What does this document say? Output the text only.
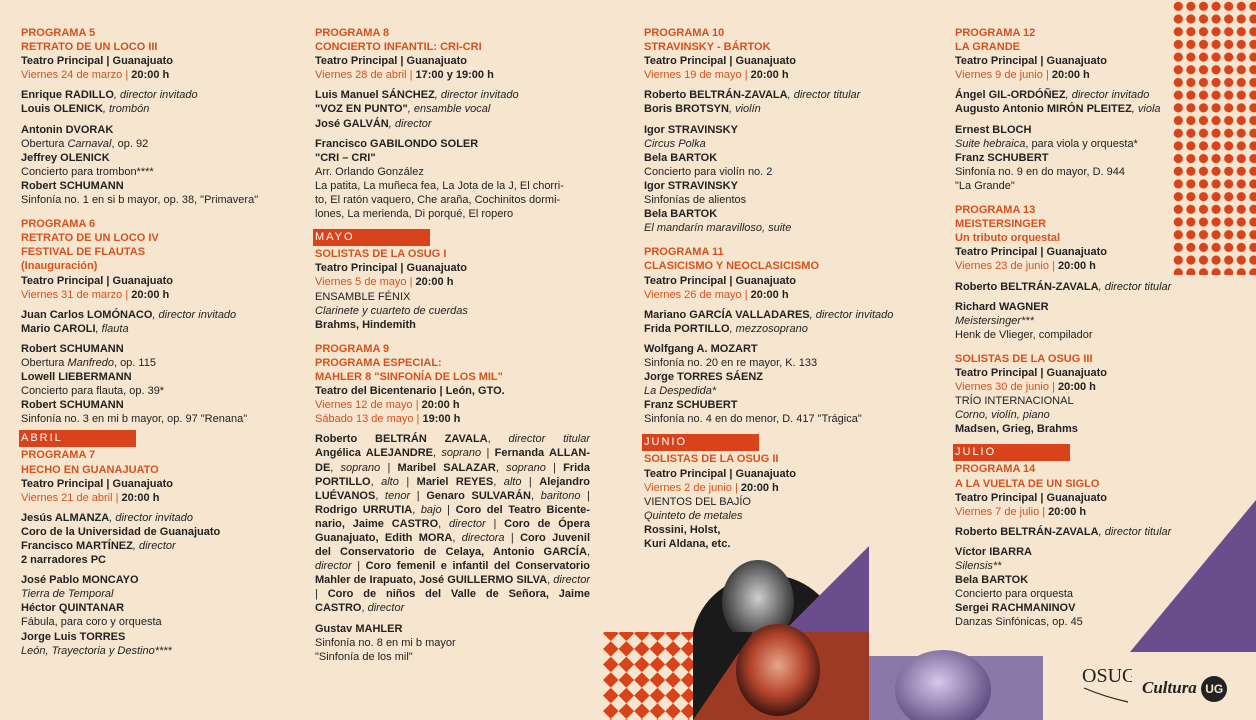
PROGRAMA 5
RETRATO DE UN LOCO III
Teatro Principal | Guanajuato
Viernes 24 de marzo | 20:00 h
Enrique RADILLO, director invitado
Louis OLENICK, trombón
Antonin DVORAK
Obertura Carnaval, op. 92
Jeffrey OLENICK
Concierto para trombon****
Robert SCHUMANN
Sinfonía no. 1 en si b mayor, op. 38, "Primavera"
PROGRAMA 6
RETRATO DE UN LOCO IV
FESTIVAL DE FLAUTAS
(Inauguración)
Teatro Principal | Guanajuato
Viernes 31 de marzo | 20:00 h
Juan Carlos LOMÓNACO, director invitado
Mario CAROLI, flauta
Robert SCHUMANN
Obertura Manfredo, op. 115
Lowell LIEBERMANN
Concierto para flauta, op. 39*
Robert SCHUMANN
Sinfonía no. 3 en mi b mayor, op. 97 "Renana"
ABRIL
PROGRAMA 7
HECHO EN GUANAJUATO
Teatro Principal | Guanajuato
Viernes 21 de abril | 20:00 h
Jesús ALMANZA, director invitado
Coro de la Universidad de Guanajuato
Francisco MARTÍNEZ, director
2 narradores PC
José Pablo MONCAYO
Tierra de Temporal
Héctor QUINTANAR
Fábula, para coro y orquesta
Jorge Luis TORRES
León, Trayectoria y Destino****
PROGRAMA 8
CONCIERTO INFANTIL: CRI-CRI
Teatro Principal | Guanajuato
Viernes 28 de abril | 17:00 y 19:00 h
Luis Manuel SÁNCHEZ, director invitado
"VOZ EN PUNTO", ensamble vocal
José GALVÁN, director
Francisco GABILONDO SOLER
"CRI – CRI"
Arr. Orlando González
La patita, La muñeca fea, La Jota de la J, El chorri-
to, El ratón vaquero, Che araña, Cochinitos dormi-
lones, La merienda, Di porqué, El ropero
MAYO
SOLISTAS DE LA OSUG I
Teatro Principal | Guanajuato
Viernes 5 de mayo | 20:00 h
ENSAMBLE FÉNIX
Clarinete y cuarteto de cuerdas
Brahms, Hindemith
PROGRAMA 9
PROGRAMA ESPECIAL:
MAHLER 8 "SINFONÍA DE LOS MIL"
Teatro del Bicentenario | León, GTO.
Viernes 12 de mayo | 20:00 h
Sábado 13 de mayo | 19:00 h
Roberto BELTRÁN ZAVALA, director titular
Angélica ALEJANDRE, soprano | Fernanda ALLAN-
DE, soprano | Maribel SALAZAR, soprano | Frida
PORTILLO, alto | Mariel REYES, alto | Alejandro
LUÉVANOS, tenor | Genaro SULVARÁN, baritono |
Rodrigo URRUTIA, bajo | Coro del Teatro Bicente-
nario, Jaime CASTRO, director | Coro de Ópera
Guanajuato, Edith MORA, directora | Coro Juvenil
del Conservatorio de Celaya, Antonio GARCÍA,
director | Coro femenil e infantil del Conservatorio
Mahler de Irapuato, José GUILLERMO SILVA, director
| Coro de niños del Valle de Señora, Jaime
CASTRO, director
Gustav MAHLER
Sinfonía no. 8 en mi b mayor
"Sinfonía de los mil"
PROGRAMA 10
STRAVINSKY - BÁRTOK
Teatro Principal | Guanajuato
Viernes 19 de mayo | 20:00 h
Roberto BELTRÁN-ZAVALA, director titular
Boris BROTSYN, violín
Igor STRAVINSKY
Circus Polka
Bela BARTOK
Concierto para violín no. 2
Igor STRAVINSKY
Sinfonías de alientos
Bela BARTOK
El mandarín maravilloso, suite
PROGRAMA 11
CLASICISMO Y NEOCLASICISMO
Teatro Principal | Guanajuato
Viernes 26 de mayo | 20:00 h
Mariano GARCÍA VALLADARES, director invitado
Frida PORTILLO, mezzosoprano
Wolfgang A. MOZART
Sinfonía no. 20 en re mayor, K. 133
Jorge TORRES SÁENZ
La Despedida*
Franz SCHUBERT
Sinfonía no. 4 en do menor, D. 417 "Trágica"
JUNIO
SOLISTAS DE LA OSUG II
Teatro Principal | Guanajuato
Viernes 2 de junio | 20:00 h
VIENTOS DEL BAJÍO
Quinteto de metales
Rossini, Holst,
Kuri Aldana, etc.
PROGRAMA 12
LA GRANDE
Teatro Principal | Guanajuato
Viernes 9 de junio | 20:00 h
Ángel GIL-ORDÓÑEZ, director invitado
Augusto Antonio MIRÓN PLEITEZ, viola
Ernest BLOCH
Suite hebraica, para viola y orquesta*
Franz SCHUBERT
Sinfonía no. 9 en do mayor, D. 944
"La Grande"
PROGRAMA 13
MEISTERSINGER
Un tributo orquestal
Teatro Principal | Guanajuato
Viernes 23 de junio | 20:00 h
Roberto BELTRÁN-ZAVALA, director titular
Richard WAGNER
Meistersinger***
Henk de Vlieger, compilador
SOLISTAS DE LA OSUG III
Teatro Principal | Guanajuato
Viernes 30 de junio | 20:00 h
TRÍO INTERNACIONAL
Corno, violín, piano
Madsen, Grieg, Brahms
JULIO
PROGRAMA 14
A LA VUELTA DE UN SIGLO
Teatro Principal | Guanajuato
Viernes 7 de julio | 20:00 h
Roberto BELTRÁN-ZAVALA, director titular
Víctor IBARRA
Silensis**
Bela BARTOK
Concierto para orquesta
Sergei RACHMANINOV
Danzas Sinfónicas, op. 45
OSUG
Cultura UG
